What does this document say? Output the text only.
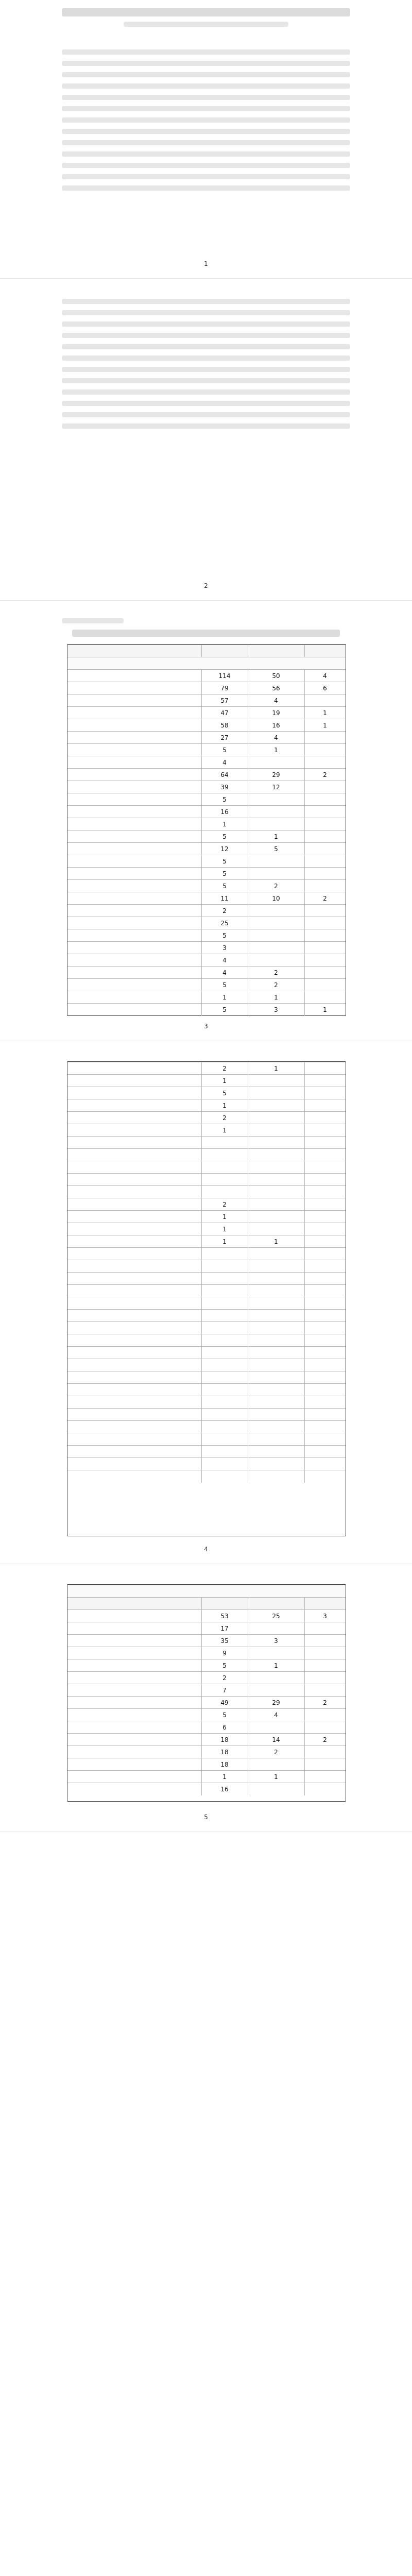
1
2
114	50	4
79	56	6
57	4
47	19	1
58	16	1
27	4
5	1
4
64	29	2
39	12
5
16
1
5	1
12	5
5
5
5	2
11	10	2
2
25
5
3
4
4	2
5	2
1	1
5	3	1
3
2	1
1
5
1
2
1
2
1
1
1	1
4
53	25	3
17
35	3
9
5	1
2
7
49	29	2
5	4
6
18	14	2
18	2
18
1	1
16
5
